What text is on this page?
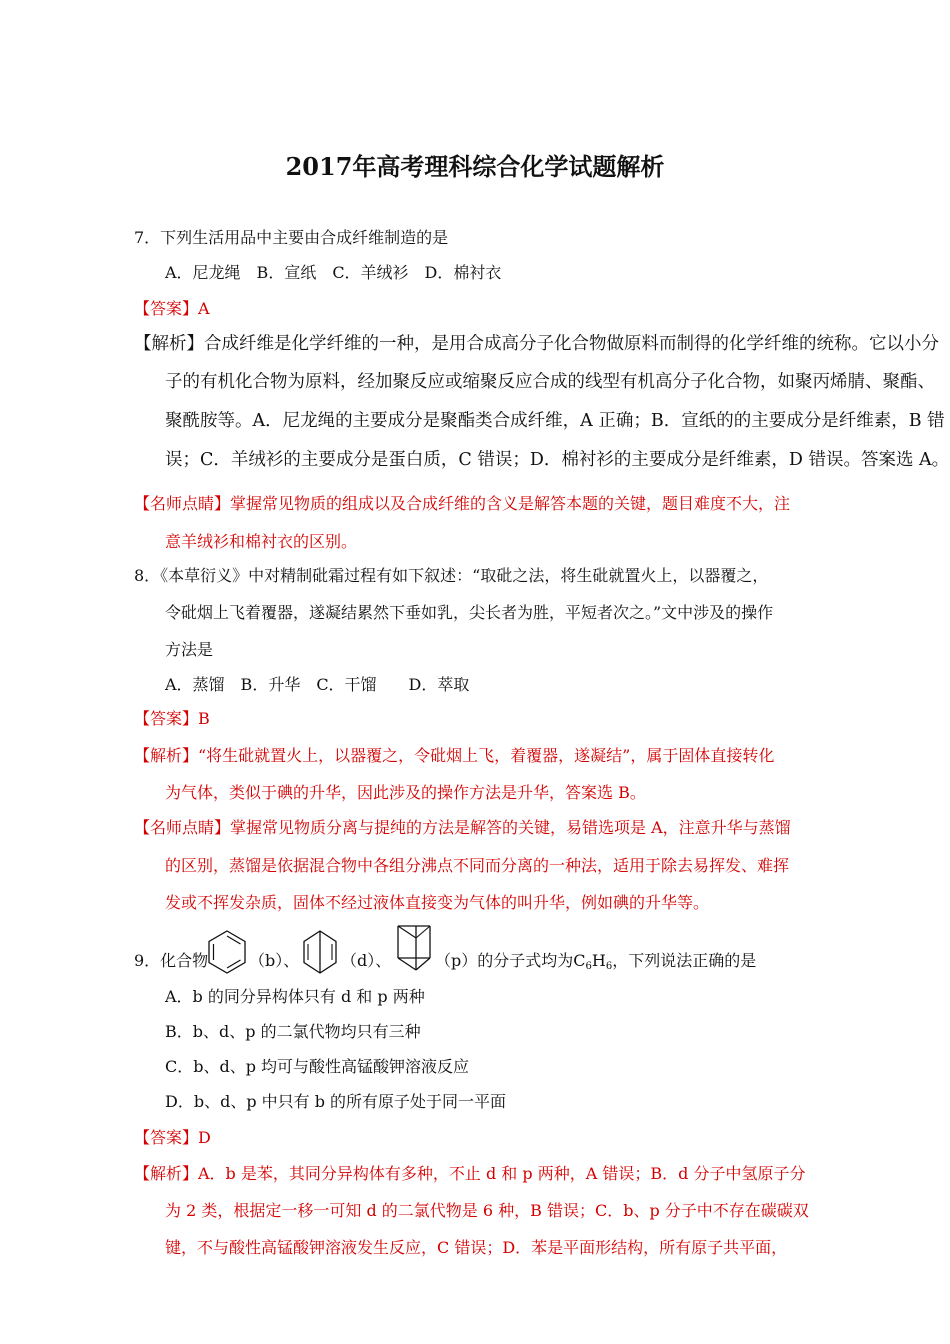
2017年高考理科综合化学试题解析
7．下列生活用品中主要由合成纤维制造的是
A．尼龙绳　B．宣纸　C．羊绒衫　D．棉衬衣
【答案】A
【解析】合成纤维是化学纤维的一种，是用合成高分子化合物做原料而制得的化学纤维的统称。它以小分
子的有机化合物为原料，经加聚反应或缩聚反应合成的线型有机高分子化合物，如聚丙烯腈、聚酯、
聚酰胺等。A．尼龙绳的主要成分是聚酯类合成纤维，A 正确；B．宣纸的的主要成分是纤维素，B 错
误；C．羊绒衫的主要成分是蛋白质，C 错误；D．棉衬衫的主要成分是纤维素，D 错误。答案选 A。
【名师点睛】掌握常见物质的组成以及合成纤维的含义是解答本题的关键，题目难度不大，注
意羊绒衫和棉衬衣的区别。
8．《本草衍义》中对精制砒霜过程有如下叙述：“取砒之法，将生砒就置火上，以器覆之，
令砒烟上飞着覆器，遂凝结累然下垂如乳，尖长者为胜，平短者次之。”文中涉及的操作
方法是
A．蒸馏　B．升华　C．干馏　　D．萃取
【答案】B
【解析】“将生砒就置火上，以器覆之，令砒烟上飞，着覆器，遂凝结”，属于固体直接转化
为气体，类似于碘的升华，因此涉及的操作方法是升华，答案选 B。
【名师点睛】掌握常见物质分离与提纯的方法是解答的关键，易错选项是 A，注意升华与蒸馏
的区别，蒸馏是依据混合物中各组分沸点不同而分离的一种法，适用于除去易挥发、难挥
发或不挥发杂质，固体不经过液体直接变为气体的叫升华，例如碘的升华等。
9．化合物	（b）、	（d）、	（p）的分子式均为$C_6H_6$，下列说法正确的是
A．b 的同分异构体只有 d 和 p 两种
B．b、d、p 的二氯代物均只有三种
C．b、d、p 均可与酸性高锰酸钾溶液反应
D．b、d、p 中只有 b 的所有原子处于同一平面
【答案】D
【解析】A．b 是苯，其同分异构体有多种，不止 d 和 p 两种，A 错误；B．d 分子中氢原子分
为 2 类，根据定一移一可知 d 的二氯代物是 6 种，B 错误；C．b、p 分子中不存在碳碳双
键，不与酸性高锰酸钾溶液发生反应，C 错误；D．苯是平面形结构，所有原子共平面，
